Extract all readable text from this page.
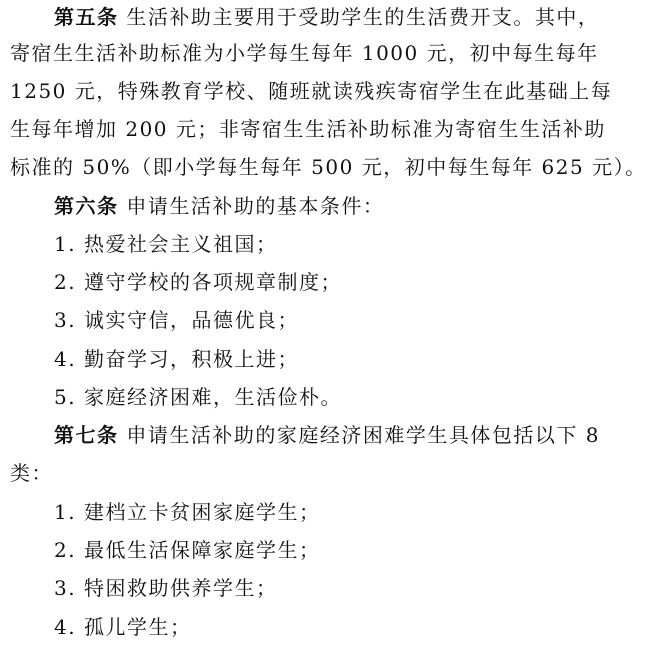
第五条 生活补助主要用于受助学生的生活费开支。其中，
寄宿生生活补助标准为小学每生每年 1000 元，初中每生每年
1250 元，特殊教育学校、随班就读残疾寄宿学生在此基础上每
生每年增加 200 元；非寄宿生生活补助标准为寄宿生生活补助
标准的 50%（即小学每生每年 500 元，初中每生每年 625 元）。
第六条 申请生活补助的基本条件：
1. 热爱社会主义祖国；
2. 遵守学校的各项规章制度；
3. 诚实守信，品德优良；
4. 勤奋学习，积极上进；
5. 家庭经济困难，生活俭朴。
第七条 申请生活补助的家庭经济困难学生具体包括以下 8
类：
1. 建档立卡贫困家庭学生；
2. 最低生活保障家庭学生；
3. 特困救助供养学生；
4. 孤儿学生；
